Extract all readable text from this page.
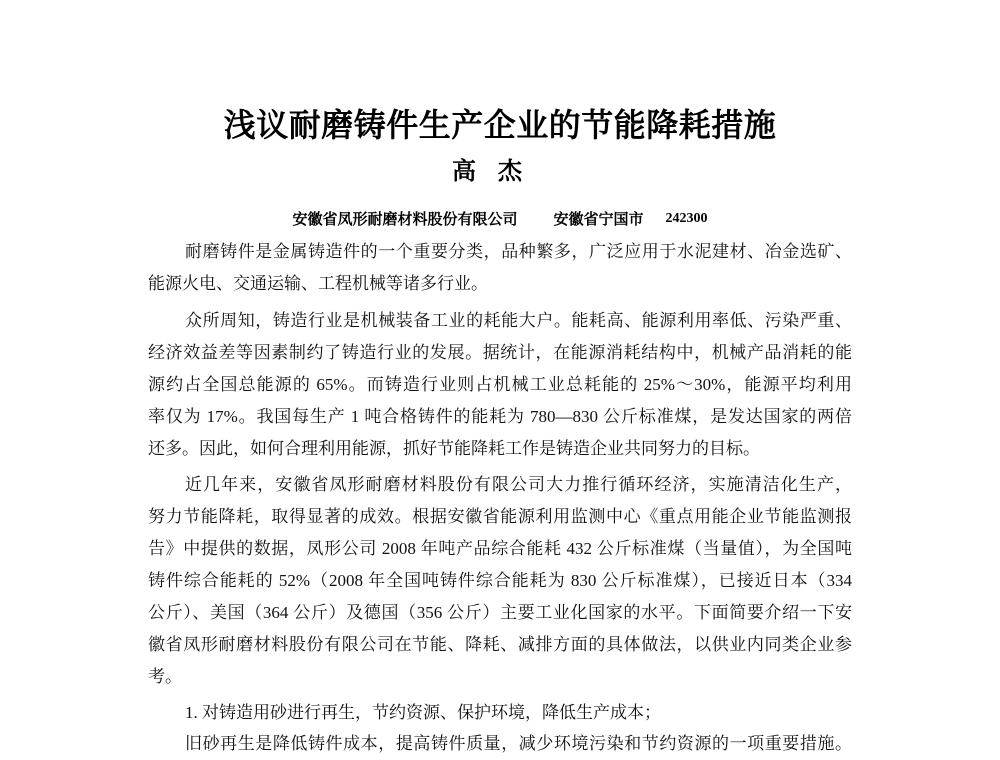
浅议耐磨铸件生产企业的节能降耗措施
高 杰
安徽省凤形耐磨材料股份有限公司 安徽省宁国市 242300
耐磨铸件是金属铸造件的一个重要分类，品种繁多，广泛应用于水泥建材、冶金选矿、
能源火电、交通运输、工程机械等诸多行业。
众所周知，铸造行业是机械装备工业的耗能大户。能耗高、能源利用率低、污染严重、
经济效益差等因素制约了铸造行业的发展。据统计，在能源消耗结构中，机械产品消耗的能
源约占全国总能源的 65%。而铸造行业则占机械工业总耗能的 25%～30%，能源平均利用
率仅为 17%。我国每生产 1 吨合格铸件的能耗为 780—830 公斤标准煤，是发达国家的两倍
还多。因此，如何合理利用能源，抓好节能降耗工作是铸造企业共同努力的目标。
近几年来，安徽省凤形耐磨材料股份有限公司大力推行循环经济，实施清洁化生产，
努力节能降耗，取得显著的成效。根据安徽省能源利用监测中心《重点用能企业节能监测报
告》中提供的数据，凤形公司 2008 年吨产品综合能耗 432 公斤标准煤（当量值），为全国吨
铸件综合能耗的 52%（2008 年全国吨铸件综合能耗为 830 公斤标准煤），已接近日本（334
公斤）、美国（364 公斤）及德国（356 公斤）主要工业化国家的水平。下面简要介绍一下安
徽省凤形耐磨材料股份有限公司在节能、降耗、减排方面的具体做法，以供业内同类企业参
考。
1. 对铸造用砂进行再生，节约资源、保护环境，降低生产成本；
旧砂再生是降低铸件成本，提高铸件质量，减少环境污染和节约资源的一项重要措施。
